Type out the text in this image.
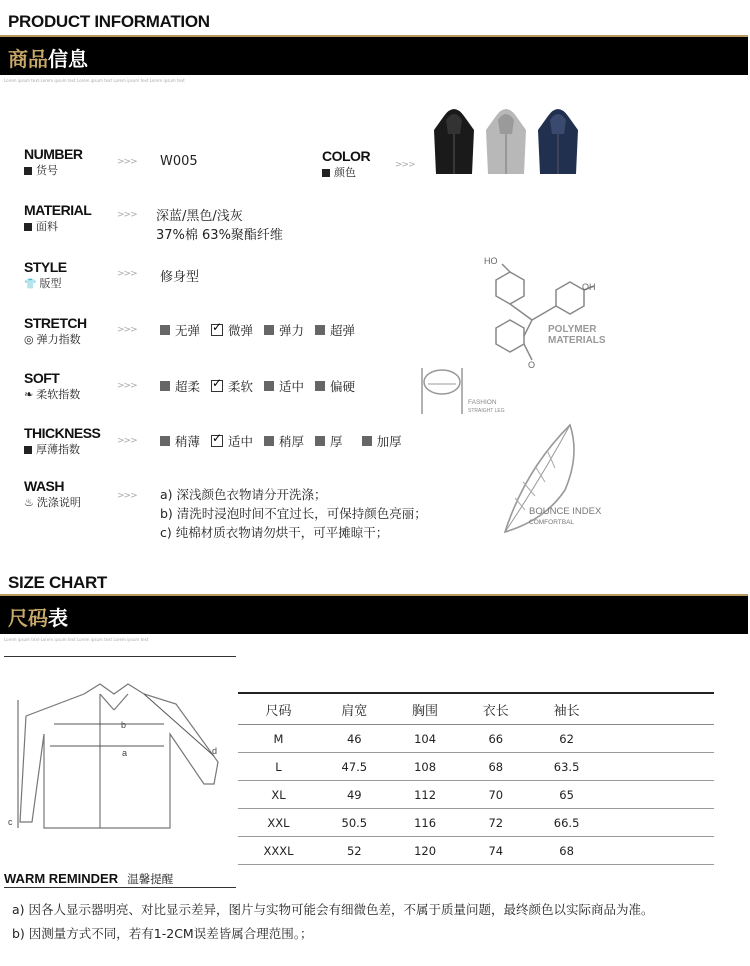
PRODUCT INFORMATION
商品 信息
Lorem ipsum text-Lorem ipsum text Lorem ipsum text Lorem ipsum text Lorem ipsum text
NUMBER
货号
>>> W005	COLOR
颜色
>>>
MATERIAL
面料
>>> 深蓝/黑色/浅灰
37%棉 63%聚酯纤维
STYLE
👕 版型
>>> 修身型
STRETCH
◎ 弹力指数
>>>	无弹 ✓ 微弹 弹力 超弹
SOFT
❧ 柔软指数
>>>	超柔 ✓ 柔软 适中 偏硬
THICKNESS
厚薄指数
>>>	稍薄 ✓ 适中 稍厚 厚	加厚
WASH
♨ 洗涤说明	>>> a) 深浅颜色衣物请分开洗涤；
b) 清洗时浸泡时间不宜过长，可保持颜色亮丽；
c) 纯棉材质衣物请勿烘干，可平摊晾干；
HO
OH
O
POLYMER
MATERIALS
FASHION
STRAIGHT LEG
BOUNCE INDEX
COMFORTBAL
SIZE CHART
尺码 表
Lorem ipsum text-Lorem ipsum text Lorem ipsum text Lorem ipsum text
b
a
c
d
尺码	肩宽	胸围	衣长	袖长	
M	46	104	66	62	
L	47.5	108	68	63.5	
XL	49	112	70	65	
XXL	50.5	116	72	66.5	
XXXL	52	120	74	68	
WARM REMINDER 温馨提醒
a) 因各人显示器明亮、对比显示差异，图片与实物可能会有细微色差，不属于质量问题，最终颜色以实际商品为准。
b) 因测量方式不同，若有1-2CM误差皆属合理范围。；
